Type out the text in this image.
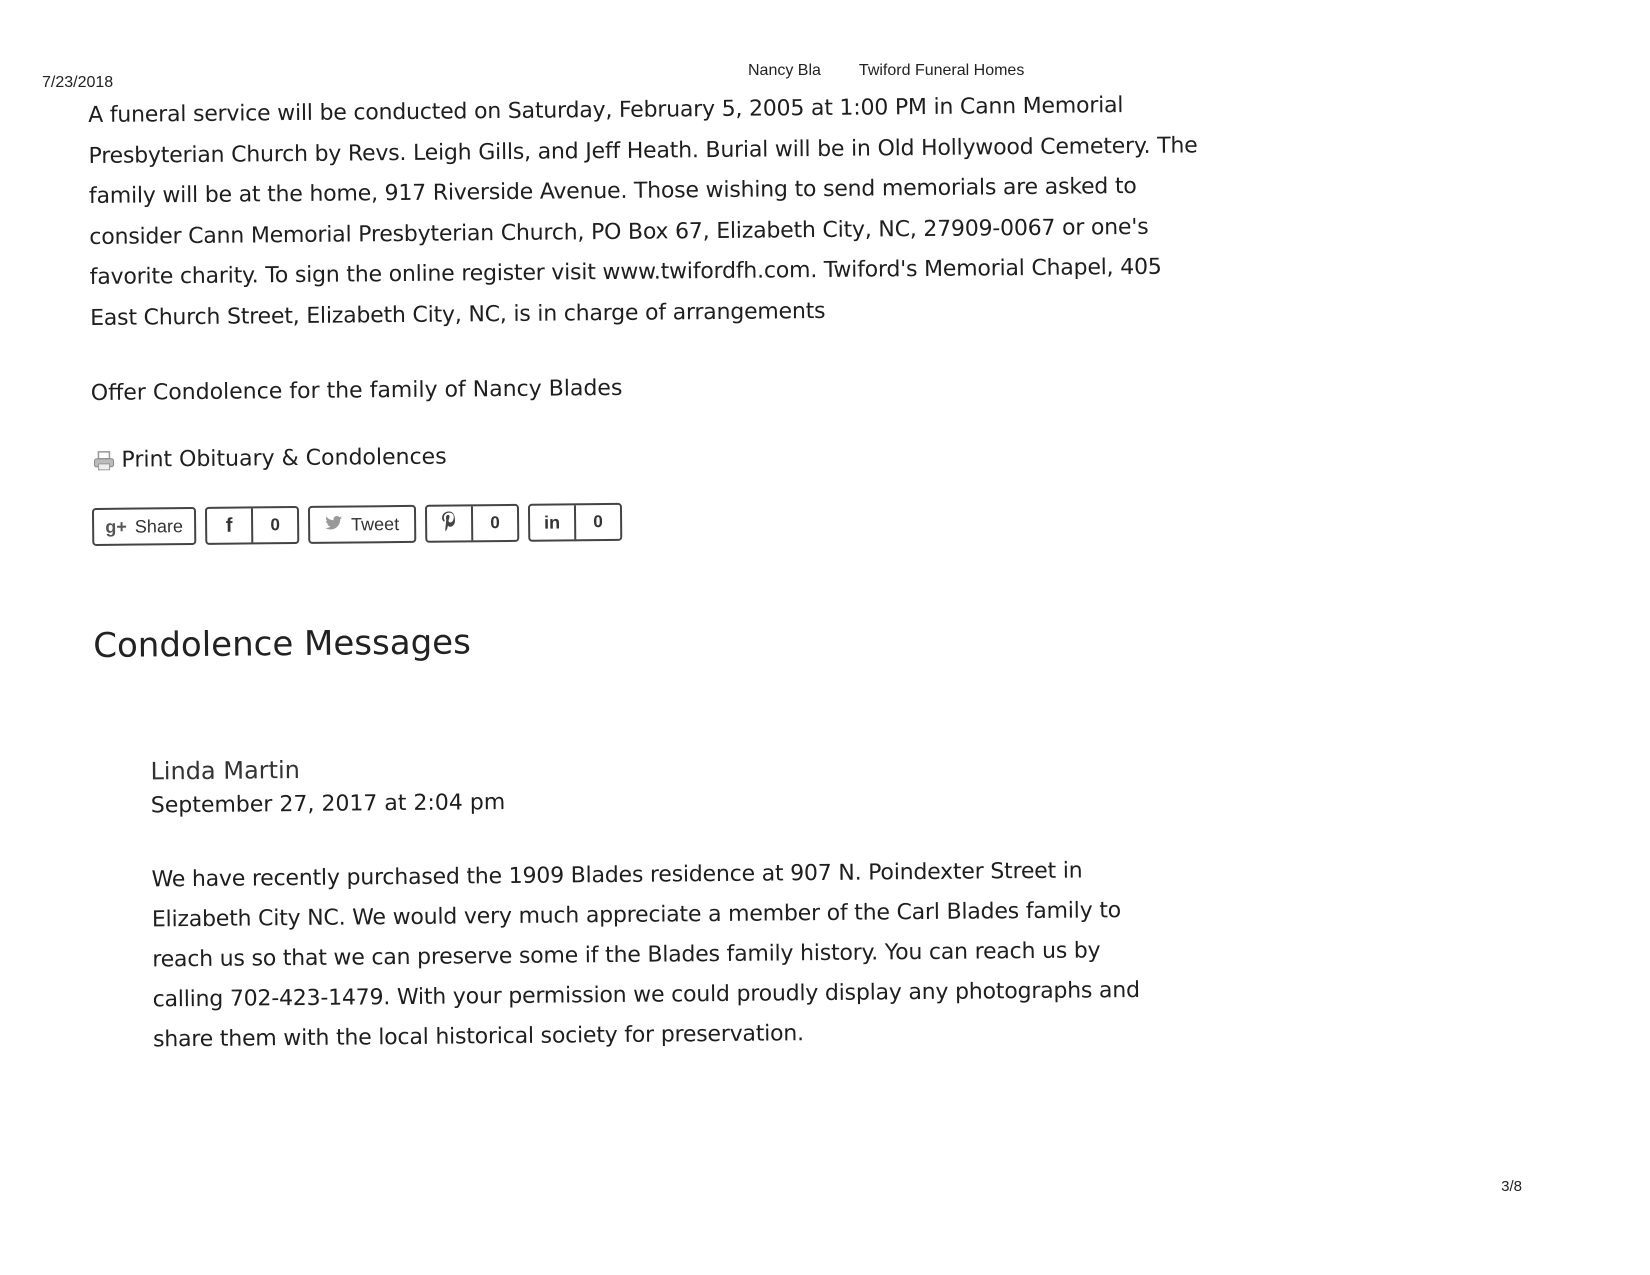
7/23/2018
Nancy Bla Twiford Funeral Homes

A funeral service will be conducted on Saturday, February 5, 2005 at 1:00 PM in Cann Memorial Presbyterian Church by Revs. Leigh Gills, and Jeff Heath. Burial will be in Old Hollywood Cemetery. The family will be at the home, 917 Riverside Avenue. Those wishing to send memorials are asked to consider Cann Memorial Presbyterian Church, PO Box 67, Elizabeth City, NC, 27909-0067 or one's favorite charity. To sign the online register visit www.twifordfh.com. Twiford's Memorial Chapel, 405 East Church Street, Elizabeth City, NC, is in charge of arrangements

Offer Condolence for the family of Nancy Blades
Print Obituary & Condolences
g+ Share f	0	Tweet	0	in	0
Condolence Messages
Linda Martin
September 27, 2017 at 2:04 pm

We have recently purchased the 1909 Blades residence at 907 N. Poindexter Street in Elizabeth City NC. We would very much appreciate a member of the Carl Blades family to reach us so that we can preserve some if the Blades family history. You can reach us by calling 702-423-1479. With your permission we could proudly display any photographs and share them with the local historical society for preservation.

3/8
